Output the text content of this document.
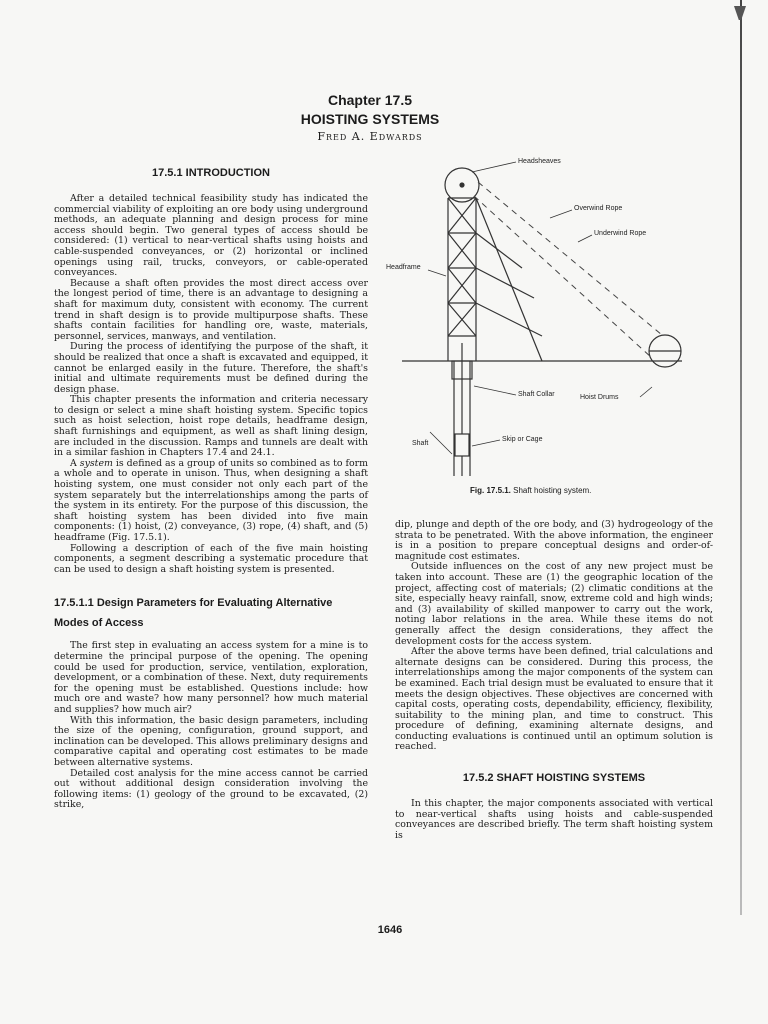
Chapter 17.5
HOISTING SYSTEMS
Fred A. Edwards
17.5.1 INTRODUCTION

After a detailed technical feasibility study has indicated the commercial viability of exploiting an ore body using underground methods, an adequate planning and design process for mine access should begin. Two general types of access should be considered: (1) vertical to near-vertical shafts using hoists and cable-suspended conveyances, or (2) horizontal or inclined openings using rail, trucks, conveyors, or cable-operated conveyances.

Because a shaft often provides the most direct access over the longest period of time, there is an advantage to designing a shaft for maximum duty, consistent with economy. The current trend in shaft design is to provide multipurpose shafts. These shafts contain facilities for handling ore, waste, materials, personnel, services, manways, and ventilation.

During the process of identifying the purpose of the shaft, it should be realized that once a shaft is excavated and equipped, it cannot be enlarged easily in the future. Therefore, the shaft's initial and ultimate requirements must be defined during the design phase.

This chapter presents the information and criteria necessary to design or select a mine shaft hoisting system. Specific topics such as hoist selection, hoist rope details, headframe design, shaft furnishings and equipment, as well as shaft lining design, are included in the discussion. Ramps and tunnels are dealt with in a similar fashion in Chapters 17.4 and 24.1.

A system is defined as a group of units so combined as to form a whole and to operate in unison. Thus, when designing a shaft hoisting system, one must consider not only each part of the system separately but the interrelationships among the parts of the system in its entirety. For the purpose of this discussion, the shaft hoisting system has been divided into five main components: (1) hoist, (2) conveyance, (3) rope, (4) shaft, and (5) headframe (Fig. 17.5.1).

Following a description of each of the five main hoisting components, a segment describing a systematic procedure that can be used to design a shaft hoisting system is presented.

17.5.1.1 Design Parameters for Evaluating Alternative Modes of Access

The first step in evaluating an access system for a mine is to determine the principal purpose of the opening. The opening could be used for production, service, ventilation, exploration, development, or a combination of these. Next, duty requirements for the opening must be established. Questions include: how much ore and waste? how many personnel? how much material and supplies? how much air?

With this information, the basic design parameters, including the size of the opening, configuration, ground support, and inclination can be developed. This allows preliminary designs and comparative capital and operating cost estimates to be made between alternative systems.

Detailed cost analysis for the mine access cannot be carried out without additional design consideration involving the following items: (1) geology of the ground to be excavated, (2) strike,

Headsheaves
Overwind Rope
Underwind Rope
Headframe
Shaft Collar	Hoist Drums
Shaft
Skip or Cage
Fig. 17.5.1. Shaft hoisting system.

dip, plunge and depth of the ore body, and (3) hydrogeology of the strata to be penetrated. With the above information, the engineer is in a position to prepare conceptual designs and order-of-magnitude cost estimates.

Outside influences on the cost of any new project must be taken into account. These are (1) the geographic location of the project, affecting cost of materials; (2) climatic conditions at the site, especially heavy rainfall, snow, extreme cold and high winds; and (3) availability of skilled manpower to carry out the work, noting labor relations in the area. While these items do not generally affect the design considerations, they affect the development costs for the access system.

After the above terms have been defined, trial calculations and alternate designs can be considered. During this process, the interrelationships among the major components of the system can be examined. Each trial design must be evaluated to ensure that it meets the design objectives. These objectives are concerned with capital costs, operating costs, dependability, efficiency, flexibility, suitability to the mining plan, and time to construct. This procedure of defining, examining alternate designs, and conducting evaluations is continued until an optimum solution is reached.

17.5.2 SHAFT HOISTING SYSTEMS

In this chapter, the major components associated with vertical to near-vertical shafts using hoists and cable-suspended conveyances are described briefly. The term shaft hoisting system is

1646
